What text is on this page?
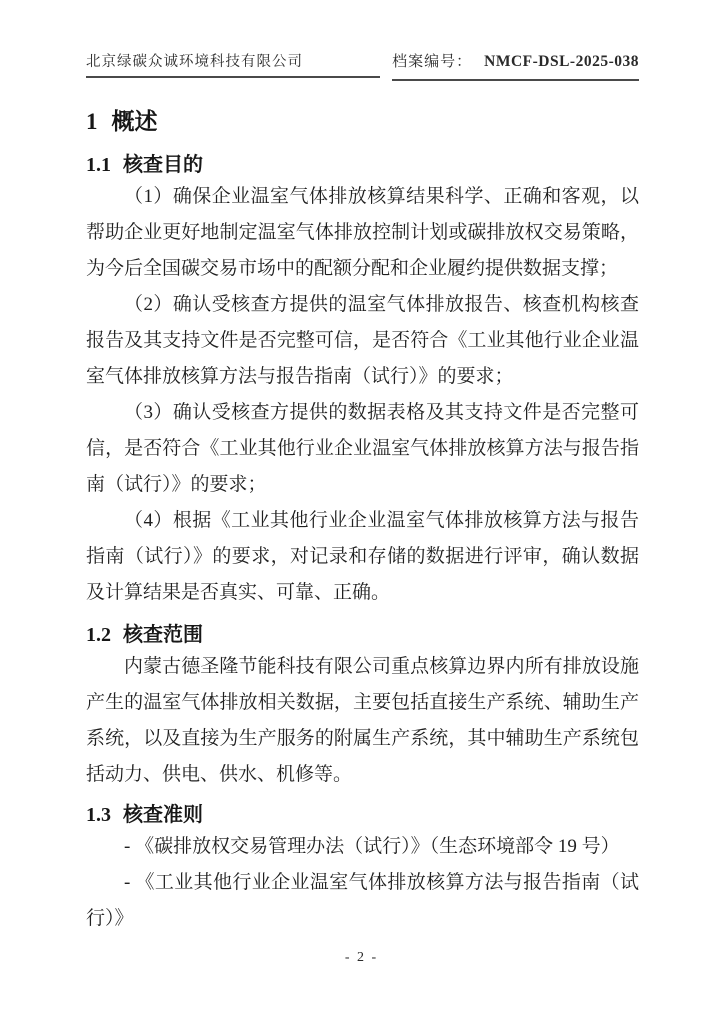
北京绿碳众诚环境科技有限公司	档案编号： NMCF-DSL-2025-038
1 概述
1.1 核查目的

（1）确保企业温室气体排放核算结果科学、正确和客观，以帮助企业更好地制定温室气体排放控制计划或碳排放权交易策略，为今后全国碳交易市场中的配额分配和企业履约提供数据支撑；

（2）确认受核查方提供的温室气体排放报告、核查机构核查报告及其支持文件是否完整可信，是否符合《工业其他行业企业温室气体排放核算方法与报告指南（试行）》的要求；

（3）确认受核查方提供的数据表格及其支持文件是否完整可信，是否符合《工业其他行业企业温室气体排放核算方法与报告指南（试行）》的要求；

（4）根据《工业其他行业企业温室气体排放核算方法与报告指南（试行）》的要求，对记录和存储的数据进行评审，确认数据及计算结果是否真实、可靠、正确。

1.2 核查范围

内蒙古德圣隆节能科技有限公司重点核算边界内所有排放设施产生的温室气体排放相关数据，主要包括直接生产系统、辅助生产系统，以及直接为生产服务的附属生产系统，其中辅助生产系统包括动力、供电、供水、机修等。

1.3 核查准则

- 《碳排放权交易管理办法（试行）》（生态环境部令 19 号）

- 《工业其他行业企业温室气体排放核算方法与报告指南（试行）》

- 2 -
